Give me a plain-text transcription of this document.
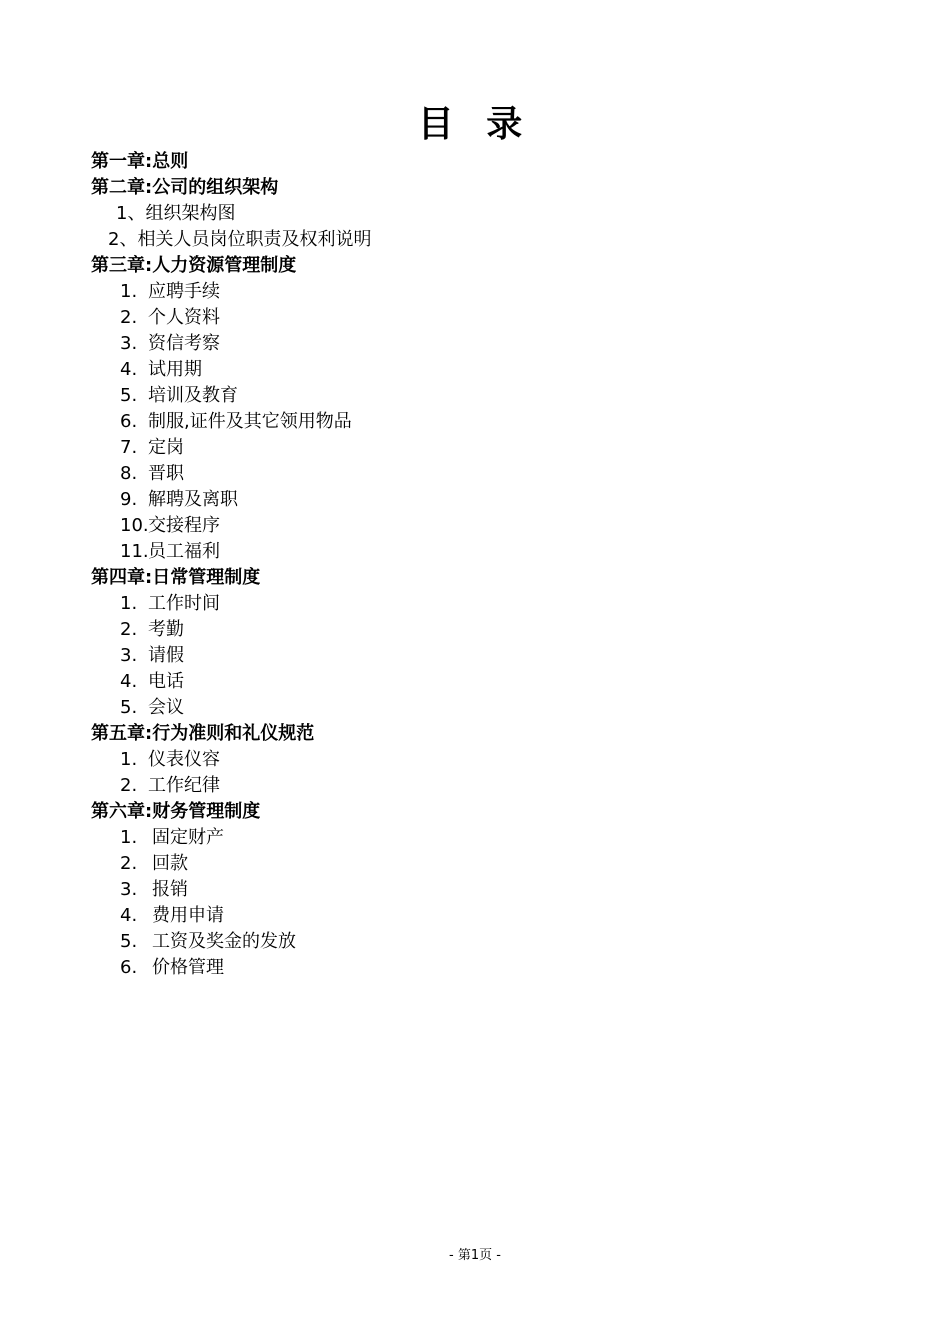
目 录
第一章:总则
第二章:公司的组织架构
1、组织架构图
2、相关人员岗位职责及权利说明
第三章:人力资源管理制度
1. 应聘手续
2. 个人资料
3. 资信考察
4. 试用期
5. 培训及教育
6. 制服,证件及其它领用物品
7. 定岗
8. 晋职
9. 解聘及离职
10. 交接程序
11. 员工福利
第四章:日常管理制度
1. 工作时间
2. 考勤
3. 请假
4. 电话
5. 会议
第五章:行为准则和礼仪规范
1. 仪表仪容
2. 工作纪律
第六章:财务管理制度
1. 固定财产
2. 回款
3. 报销
4. 费用申请
5. 工资及奖金的发放
6. 价格管理
- 第1页 -
